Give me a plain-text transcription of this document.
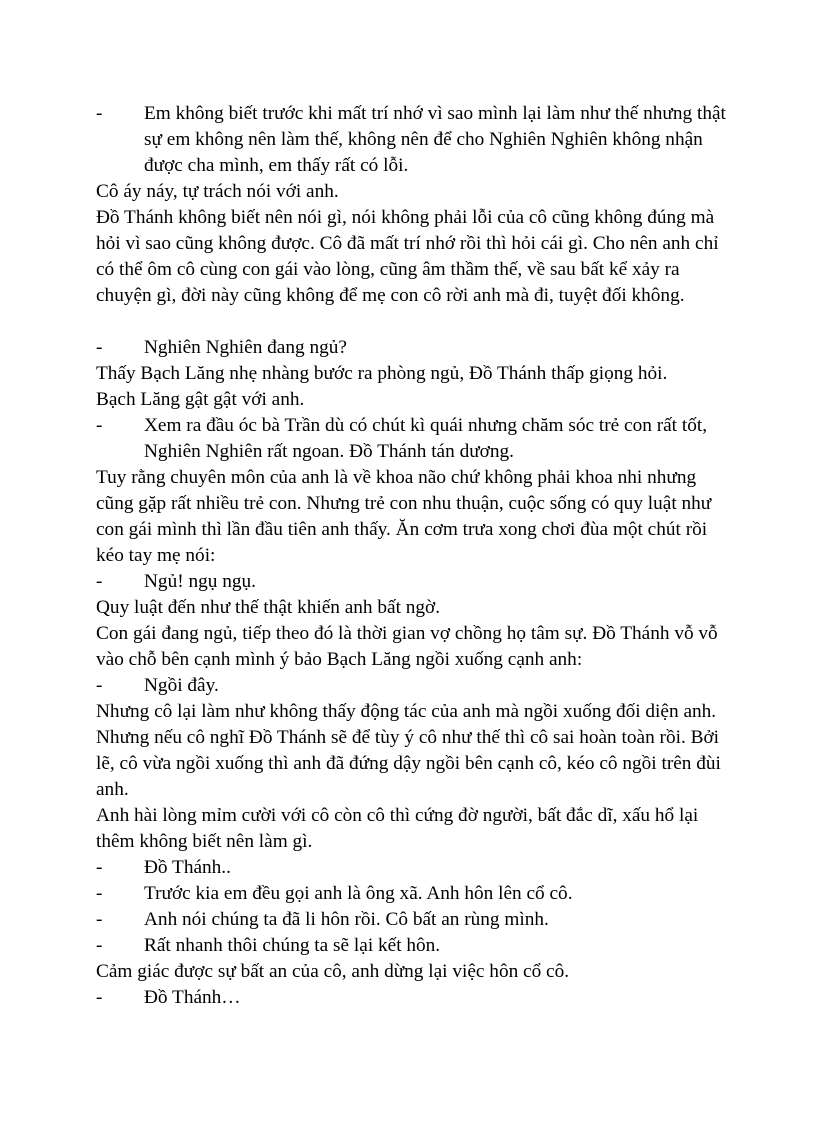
- Em không biết trước khi mất trí nhớ vì sao mình lại làm như thế nhưng thật sự em không nên làm thế, không nên để cho Nghiên Nghiên không nhận được cha mình, em thấy rất có lỗi.

Cô áy náy, tự trách nói với anh.

Đồ Thánh không biết nên nói gì, nói không phải lỗi của cô cũng không đúng mà hỏi vì sao cũng không được. Cô đã mất trí nhớ rồi thì hỏi cái gì. Cho nên anh chỉ có thể ôm cô cùng con gái vào lòng, cũng âm thầm thế, về sau bất kể xảy ra chuyện gì, đời này cũng không để mẹ con cô rời anh mà đi, tuyệt đối không.

- Nghiên Nghiên đang ngủ?

Thấy Bạch Lăng nhẹ nhàng bước ra phòng ngủ, Đồ Thánh thấp giọng hỏi.

Bạch Lăng gật gật với anh.

- Xem ra đầu óc bà Trần dù có chút kì quái nhưng chăm sóc trẻ con rất tốt, Nghiên Nghiên rất ngoan. Đồ Thánh tán dương.

Tuy rằng chuyên môn của anh là về khoa não chứ không phải khoa nhi nhưng cũng gặp rất nhiều trẻ con. Nhưng trẻ con nhu thuận, cuộc sống có quy luật như con gái mình thì lần đầu tiên anh thấy. Ăn cơm trưa xong chơi đùa một chút rồi kéo tay mẹ nói:

- Ngủ! ngụ ngụ.

Quy luật đến như thế thật khiến anh bất ngờ.

Con gái đang ngủ, tiếp theo đó là thời gian vợ chồng họ tâm sự. Đồ Thánh vỗ vỗ vào chỗ bên cạnh mình ý bảo Bạch Lăng ngồi xuống cạnh anh:

- Ngồi đây.

Nhưng cô lại làm như không thấy động tác của anh mà ngồi xuống đối diện anh. Nhưng nếu cô nghĩ Đồ Thánh sẽ để tùy ý cô như thế thì cô sai hoàn toàn rồi. Bởi lẽ, cô vừa ngồi xuống thì anh đã đứng dậy ngồi bên cạnh cô, kéo cô ngồi trên đùi anh.

Anh hài lòng mỉm cười với cô còn cô thì cứng đờ người, bất đắc dĩ, xấu hổ lại thêm không biết nên làm gì.

- Đồ Thánh..

- Trước kia em đều gọi anh là ông xã. Anh hôn lên cổ cô.

- Anh nói chúng ta đã li hôn rồi. Cô bất an rùng mình.

- Rất nhanh thôi chúng ta sẽ lại kết hôn.

Cảm giác được sự bất an của cô, anh dừng lại việc hôn cổ cô.

- Đồ Thánh…
